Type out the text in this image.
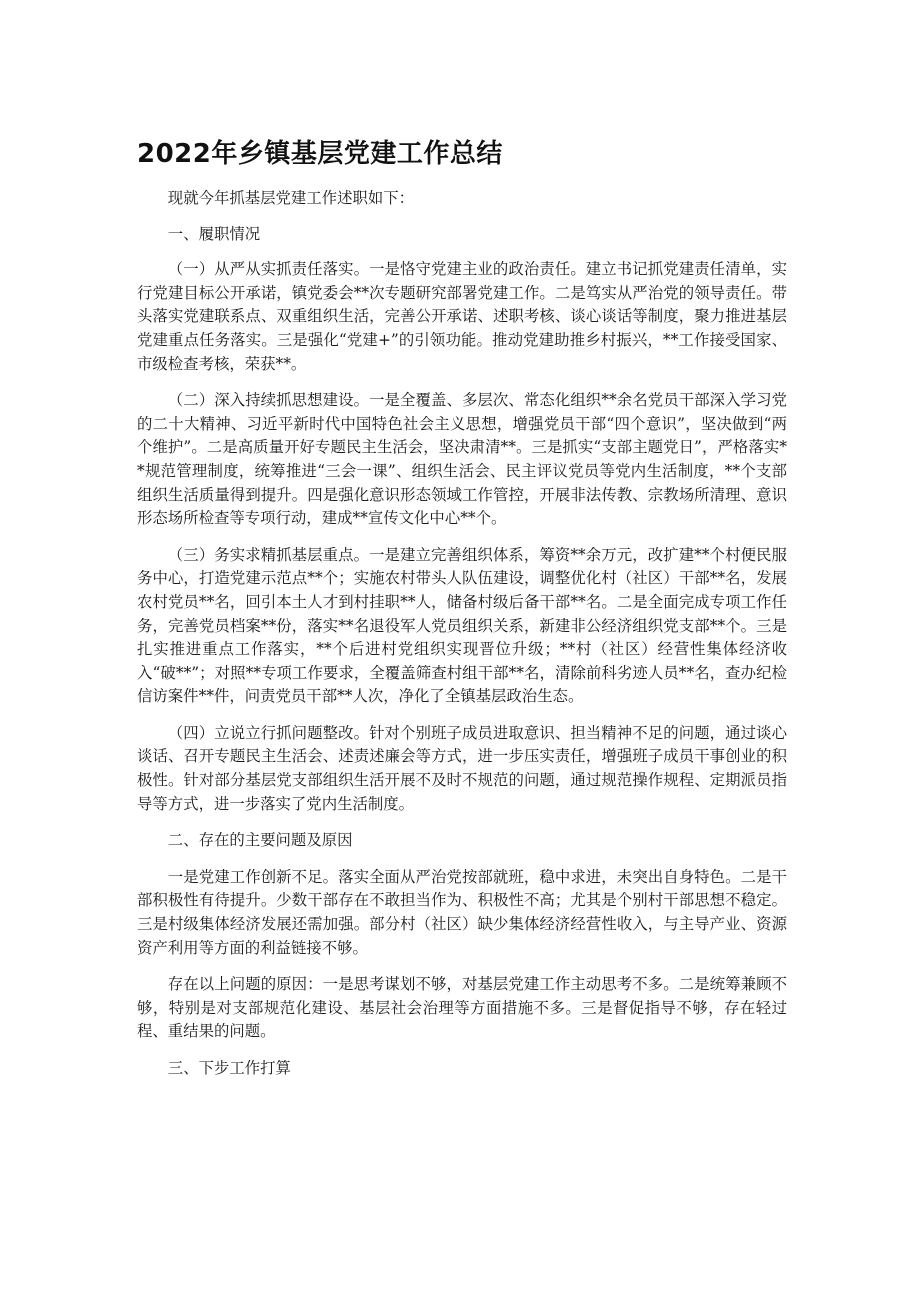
2022年乡镇基层党建工作总结

现就今年抓基层党建工作述职如下：

一、履职情况

（一）从严从实抓责任落实。一是恪守党建主业的政治责任。建立书记抓党建责任清单，实行党建目标公开承诺，镇党委会**次专题研究部署党建工作。二是笃实从严治党的领导责任。带头落实党建联系点、双重组织生活，完善公开承诺、述职考核、谈心谈话等制度，聚力推进基层党建重点任务落实。三是强化“党建+”的引领功能。推动党建助推乡村振兴，**工作接受国家、市级检查考核，荣获**。

（二）深入持续抓思想建设。一是全覆盖、多层次、常态化组织**余名党员干部深入学习党的二十大精神、习近平新时代中国特色社会主义思想，增强党员干部“四个意识”，坚决做到“两个维护”。二是高质量开好专题民主生活会，坚决肃清**。三是抓实“支部主题党日”，严格落实**规范管理制度，统筹推进“三会一课”、组织生活会、民主评议党员等党内生活制度，**个支部组织生活质量得到提升。四是强化意识形态领域工作管控，开展非法传教、宗教场所清理、意识形态场所检查等专项行动，建成**宣传文化中心**个。

（三）务实求精抓基层重点。一是建立完善组织体系，筹资**余万元，改扩建**个村便民服务中心，打造党建示范点**个；实施农村带头人队伍建设，调整优化村（社区）干部**名，发展农村党员**名，回引本土人才到村挂职**人，储备村级后备干部**名。二是全面完成专项工作任务，完善党员档案**份，落实**名退役军人党员组织关系，新建非公经济组织党支部**个。三是扎实推进重点工作落实，**个后进村党组织实现晋位升级；**村（社区）经营性集体经济收入“破**”；对照**专项工作要求，全覆盖筛查村组干部**名，清除前科劣迹人员**名，查办纪检信访案件**件，问责党员干部**人次，净化了全镇基层政治生态。

（四）立说立行抓问题整改。针对个别班子成员进取意识、担当精神不足的问题，通过谈心谈话、召开专题民主生活会、述责述廉会等方式，进一步压实责任，增强班子成员干事创业的积极性。针对部分基层党支部组织生活开展不及时不规范的问题，通过规范操作规程、定期派员指导等方式，进一步落实了党内生活制度。

二、存在的主要问题及原因

一是党建工作创新不足。落实全面从严治党按部就班，稳中求进，未突出自身特色。二是干部积极性有待提升。少数干部存在不敢担当作为、积极性不高；尤其是个别村干部思想不稳定。三是村级集体经济发展还需加强。部分村（社区）缺少集体经济经营性收入，与主导产业、资源资产利用等方面的利益链接不够。

存在以上问题的原因：一是思考谋划不够，对基层党建工作主动思考不多。二是统筹兼顾不够，特别是对支部规范化建设、基层社会治理等方面措施不多。三是督促指导不够，存在轻过程、重结果的问题。

三、下步工作打算
